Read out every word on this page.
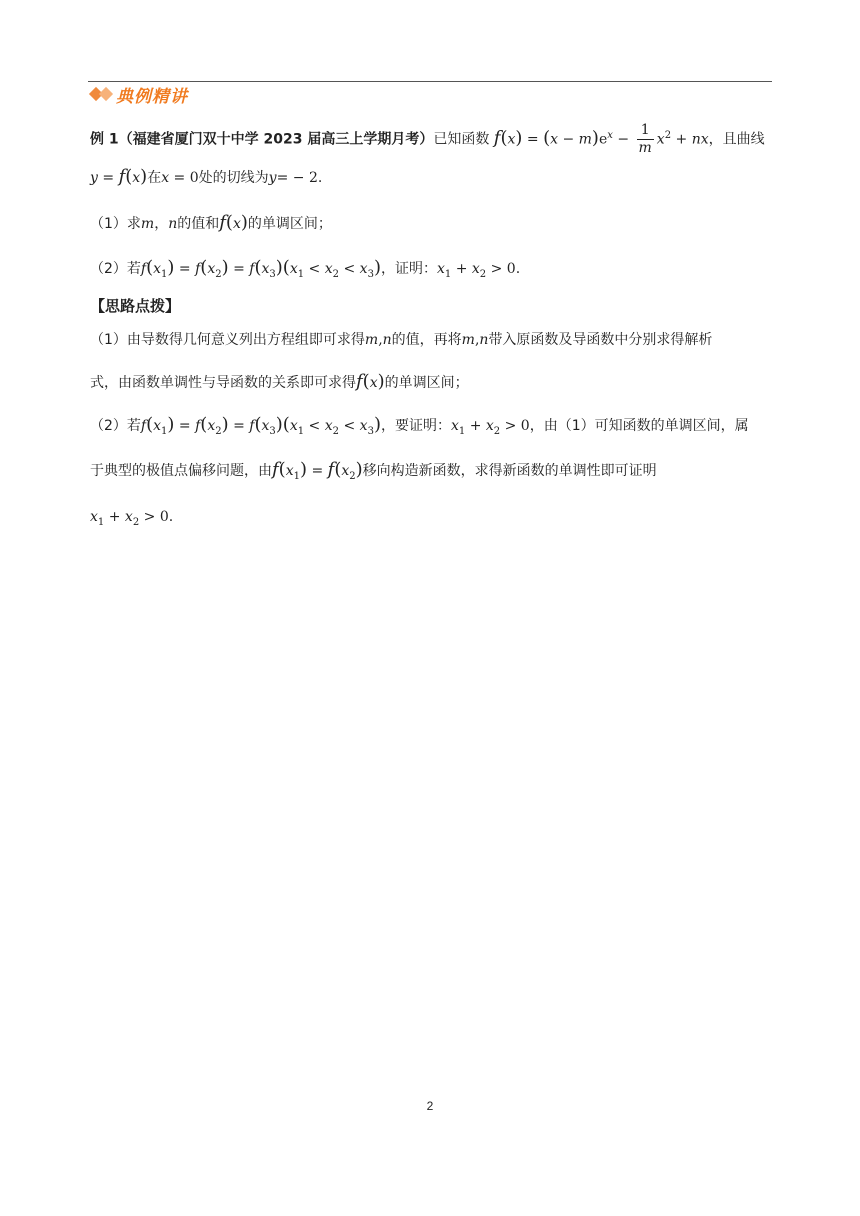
典例精讲
例 1（福建省厦门双十中学 2023 届高三上学期月考）已知函数 $f(x) = (x - m)e^x - \frac{1}{m} x^2$ + nx，且曲线
y = f(x)在x = 0处的切线为y= − 2.
（1）求m，n的值和f(x)的单调区间；
（2）若$f(x_1) = f(x_2) = f(x_3)(x_1 < x_2 < x_3)$，证明：$x_1 + x_2 > 0$.
【思路点拨】
（1）由导数得几何意义列出方程组即可求得m,n的值，再将m,n带入原函数及导函数中分别求得解析
式，由函数单调性与导函数的关系即可求得f(x)的单调区间；
（2）若$f(x_1) = f(x_2) = f(x_3)(x_1 < x_2 < x_3)$，要证明：$x_1 + x_2 > 0$，由（1）可知函数的单调区间，属
于典型的极值点偏移问题，由$f(x_1) = f(x_2)$移向构造新函数，求得新函数的单调性即可证明
$x_1 + x_2 > 0$.
2
